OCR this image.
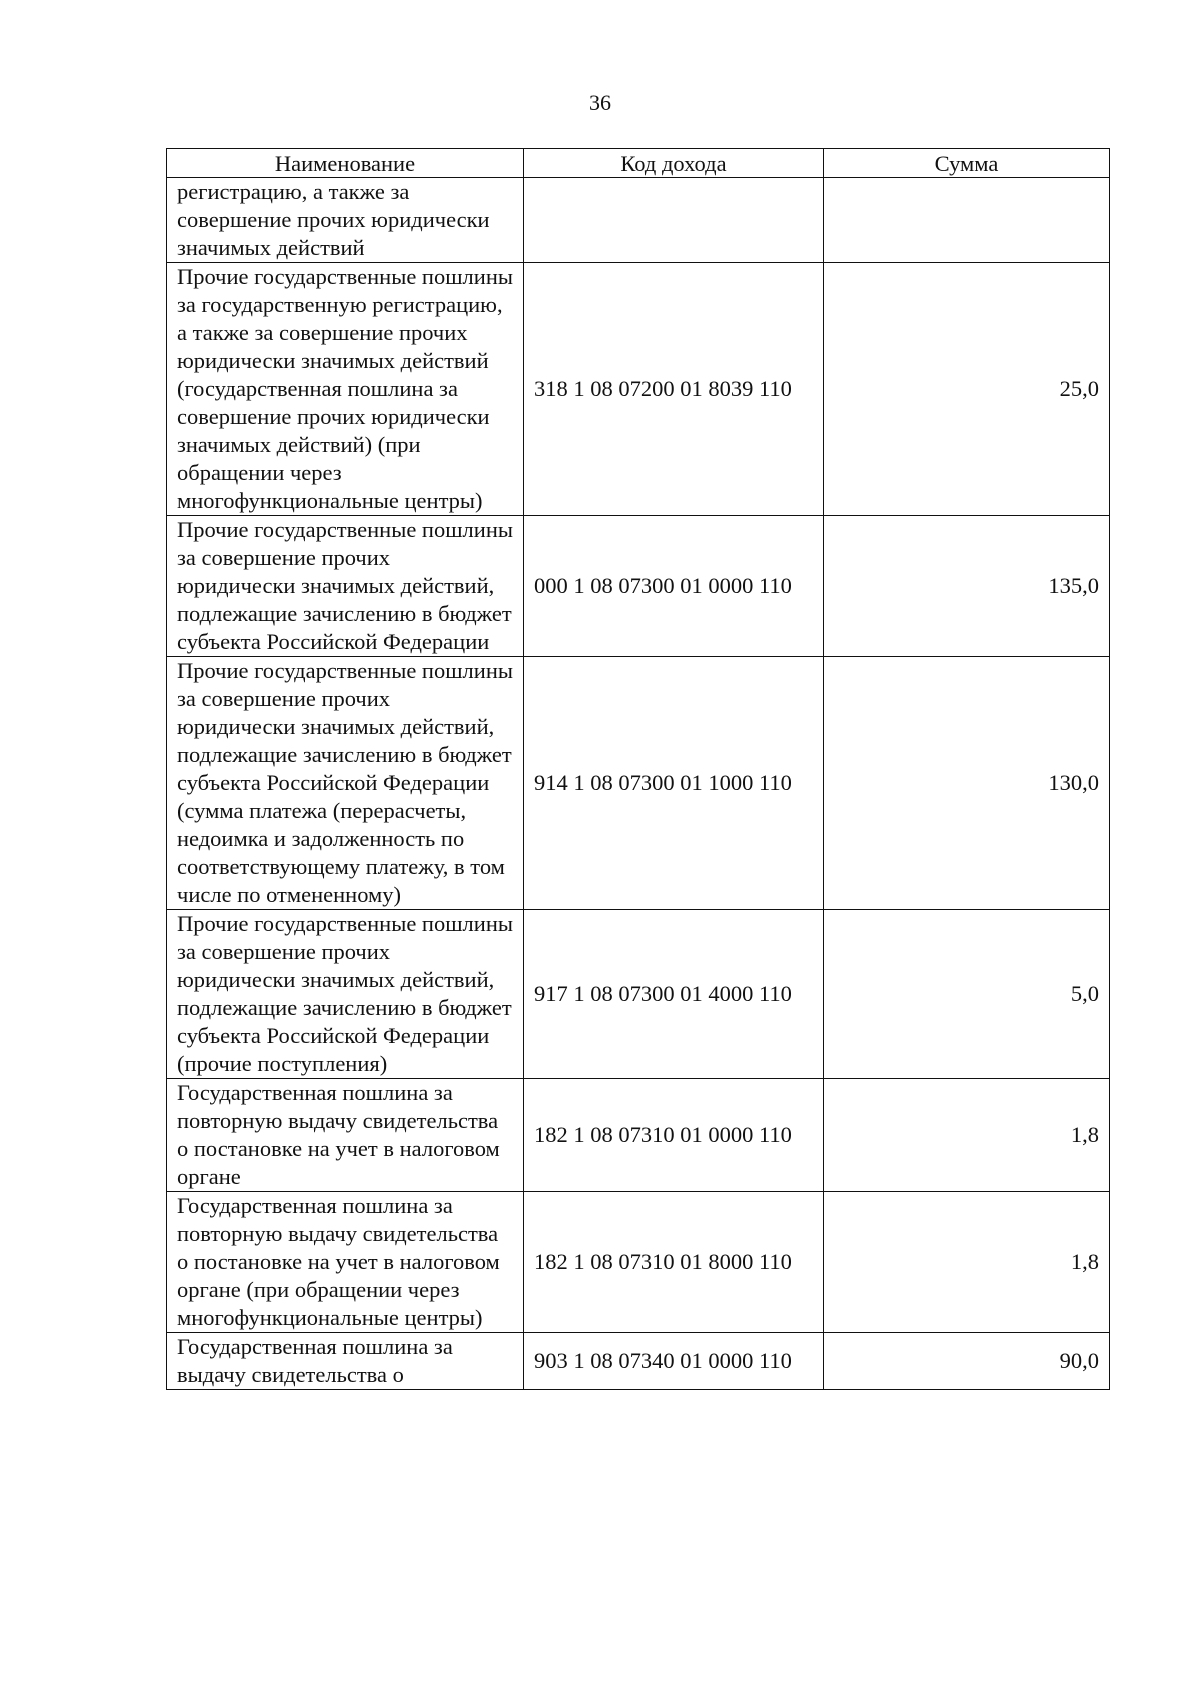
36
Наименование	Код дохода	Сумма
регистрацию, а также за совершение прочих юридически значимых действий		
Прочие государственные пошлины за государственную регистрацию, а также за совершение прочих юридически значимых действий (государственная пошлина за совершение прочих юридически значимых действий) (при обращении через многофункциональные центры)	318 1 08 07200 01 8039 110	25,0
Прочие государственные пошлины за совершение прочих юридически значимых действий, подлежащие зачислению в бюджет субъекта Российской Федерации	000 1 08 07300 01 0000 110	135,0
Прочие государственные пошлины за совершение прочих юридически значимых действий, подлежащие зачислению в бюджет субъекта Российской Федерации (сумма платежа (перерасчеты, недоимка и задолженность по соответствующему платежу, в том числе по отмененному)	914 1 08 07300 01 1000 110	130,0
Прочие государственные пошлины за совершение прочих юридически значимых действий, подлежащие зачислению в бюджет субъекта Российской Федерации (прочие поступления)	917 1 08 07300 01 4000 110	5,0
Государственная пошлина за повторную выдачу свидетельства о постановке на учет в налоговом органе	182 1 08 07310 01 0000 110	1,8
Государственная пошлина за повторную выдачу свидетельства о постановке на учет в налоговом органе (при обращении через многофункциональные центры)	182 1 08 07310 01 8000 110	1,8
Государственная пошлина за выдачу свидетельства о	903 1 08 07340 01 0000 110	90,0
